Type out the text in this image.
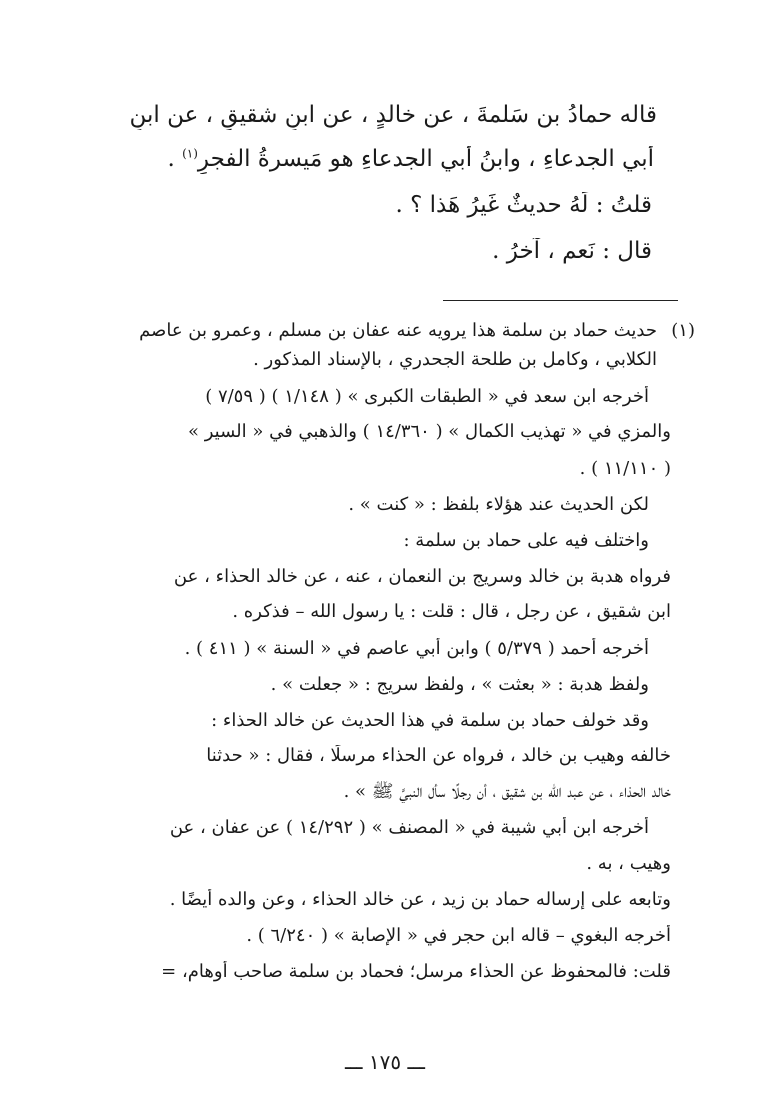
قاله حمادُ بن سَلمةَ ، عن خالدٍ ، عن ابنِ شقيقٍ ، عن ابنِ
أبي الجدعاءِ ، وابنُ أبي الجدعاءِ هو مَيسرةُ الفجرِ$^{(١)}$ .
قلتُ : لَهُ حديثٌ غَيرُ هَذا ؟ .
قال : نَعم ، آخرُ .
(١)
حديث حماد بن سلمة هذا يرويه عنه عفان بن مسلم ، وعمرو بن عاصم
الكلابي ، وكامل بن طلحة الجحدري ، بالإسناد المذكور .
أخرجه ابن سعد في « الطبقات الكبرى » ( ١/١٤٨ ) ( ٧/٥٩ )
والمزي في « تهذيب الكمال » ( ١٤/٣٦٠ ) والذهبي في « السير »
( ١١/١١٠ ) .
لكن الحديث عند هؤلاء بلفظ : « كنت » .
واختلف فيه على حماد بن سلمة :
فرواه هدبة بن خالد وسريج بن النعمان ، عنه ، عن خالد الحذاء ، عن
ابن شقيق ، عن رجل ، قال : قلت : يا رسول الله – فذكره .
أخرجه أحمد ( ٥/٣٧٩ ) وابن أبي عاصم في « السنة » ( ٤١١ ) .
ولفظ هدبة : « بعثت » ، ولفظ سريج : « جعلت » .
وقد خولف حماد بن سلمة في هذا الحديث عن خالد الحذاء :
خالفه وهيب بن خالد ، فرواه عن الحذاء مرسلًا ، فقال : « حدثنا
خالد الحذاء ، عن عبد الله بن شقيق ، أن رجلًا سأل النبيَّ ﷺ » .
أخرجه ابن أبي شيبة في « المصنف » ( ١٤/٢٩٢ ) عن عفان ، عن
وهيب ، به .
وتابعه على إرساله حماد بن زيد ، عن خالد الحذاء ، وعن والده أيضًا .
أخرجه البغوي – قاله ابن حجر في « الإصابة » ( ٦/٢٤٠ ) .
قلت: فالمحفوظ عن الحذاء مرسل؛ فحماد بن سلمة صاحب أوهام، =
ـــ ١٧٥ ـــ
